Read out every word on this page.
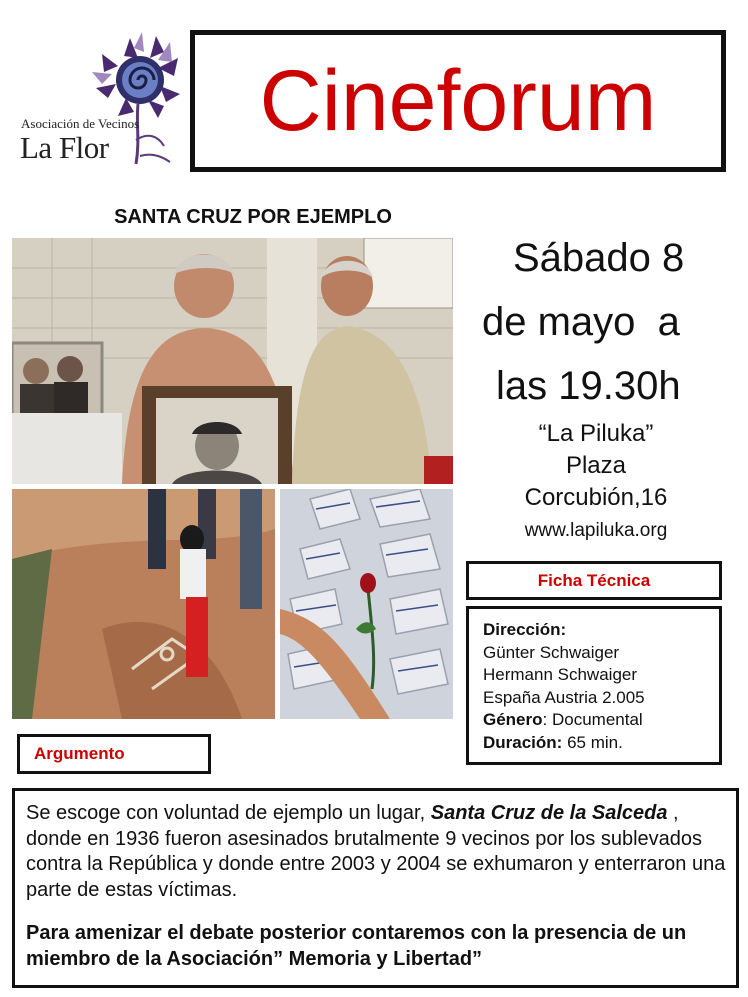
Asociación de Vecinos
La Flor Cineforum
SANTA CRUZ POR EJEMPLO
Sábado 8
de mayo  a
las 19.30h
“La Piluka”
Plaza
Corcubión,16
www.lapiluka.org
Ficha Técnica
Dirección:
Günter Schwaiger
Hermann Schwaiger
España Austria 2.005
Género: Documental
Duración: 65 min.
Argumento

Se escoge con voluntad de ejemplo un lugar, Santa Cruz de la Salceda , donde en 1936 fueron asesinados brutalmente 9 vecinos por los sublevados contra la República y donde entre 2003 y 2004 se exhumaron y enterraron una parte de estas víctimas.

Para amenizar el debate posterior contaremos con la presencia de un miembro de la Asociación” Memoria y Libertad”
